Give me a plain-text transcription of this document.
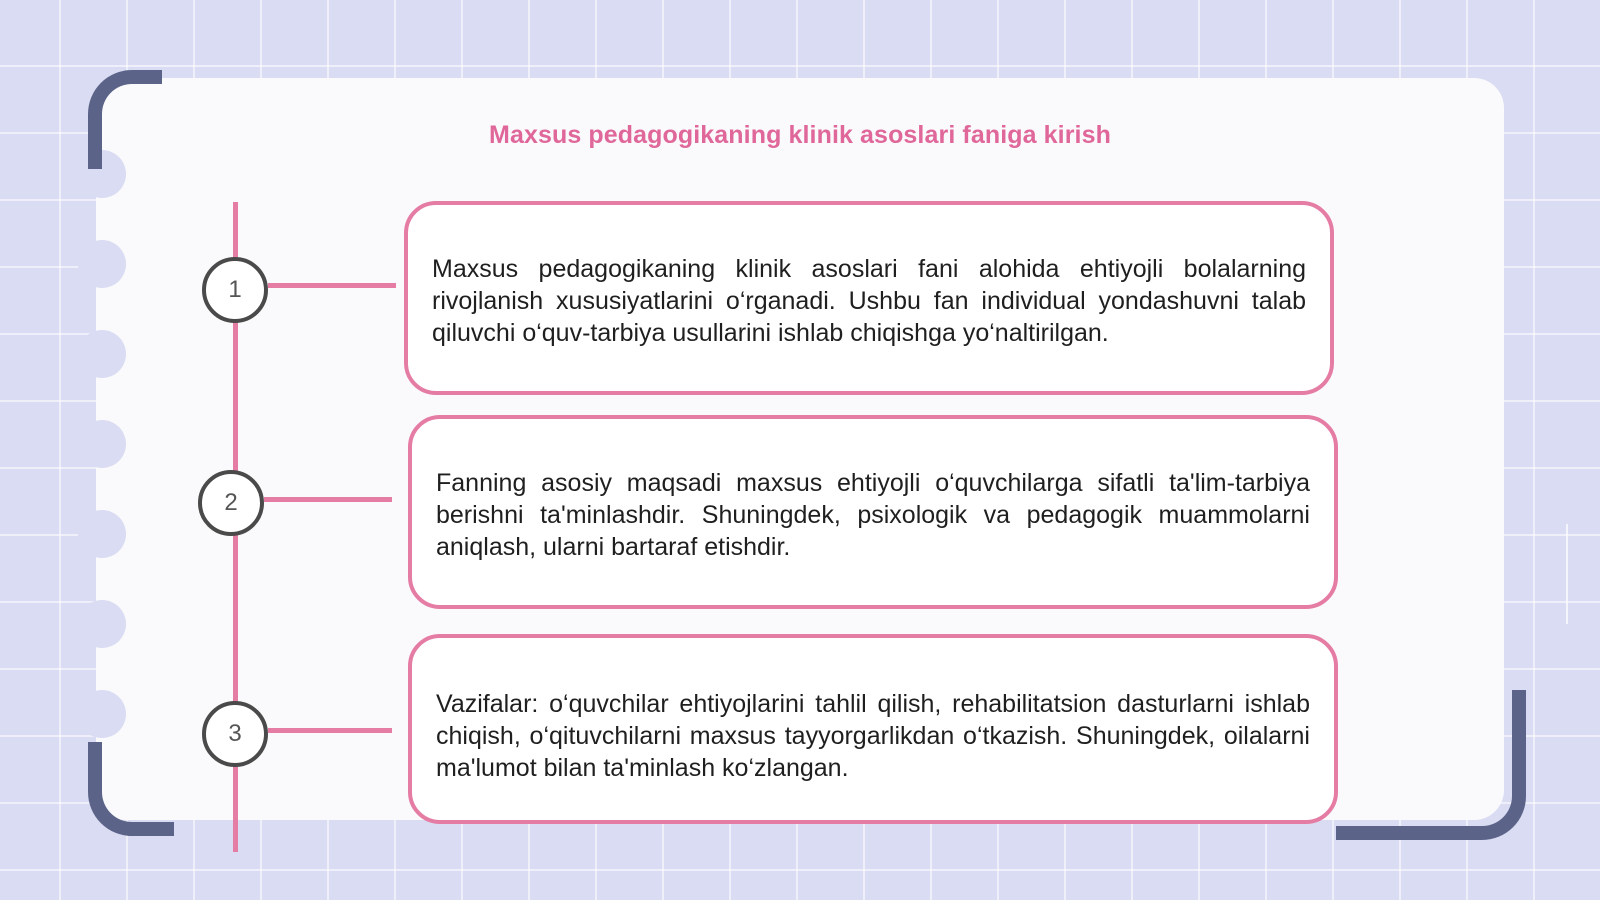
Maxsus pedagogikaning klinik asoslari faniga kirish
1

Maxsus pedagogikaning klinik asoslari fani alohida ehtiyojli bolalarning rivojlanish xususiyatlarini o‘rganadi. Ushbu fan individual yondashuvni talab qiluvchi o‘quv-tarbiya usullarini ishlab chiqishga yo‘naltirilgan.

2

Fanning asosiy maqsadi maxsus ehtiyojli o‘quvchilarga sifatli ta'lim-tarbiya berishni ta'minlashdir. Shuningdek, psixologik va pedagogik muammolarni aniqlash, ularni bartaraf etishdir.

3

Vazifalar: o‘quvchilar ehtiyojlarini tahlil qilish, rehabilitatsion dasturlarni ishlab chiqish, o‘qituvchilarni maxsus tayyorgarlikdan o‘tkazish. Shuningdek, oilalarni ma'lumot bilan ta'minlash ko‘zlangan.
